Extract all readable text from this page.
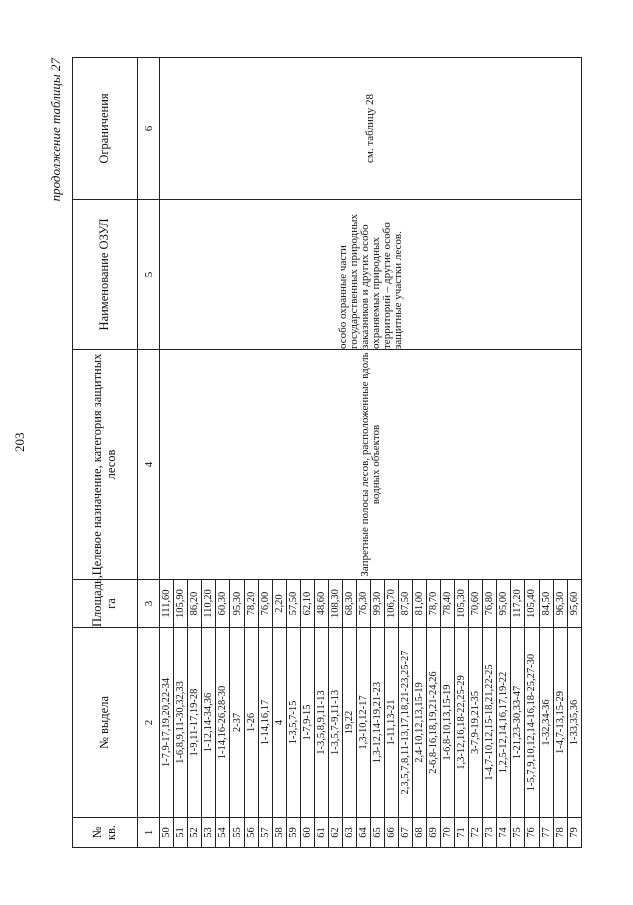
203
продолжение таблицы 27
№ кв.	№ выдела	Площадь, га	Целевое назначение, категория защитных лесов	Наименование ОЗУЛ	Ограничения
1	2	3	4	5	6
50	1-7,9-17,19,20,22-34	111,60	Запретные полосы лесов, расположенные вдоль водных объектов	особо охранные части государственных природных заказников и других особо охраняемых природных территорий – другие особо защитные участки лесов.	см. таблицу 28
51	1-6,8,9,11-30,32,33	105,90			
52	1-9,11-17,19-28	86,20			
53	1-12,14-34,36	110,20			
54	1-14,16-26,28-30	60,30			
55	2-37	95,30			
56	1-26	78,20			
57	1-14,16,17	76,00			
58	4	2,20			
59	1-3,5,7-15	57,50			
60	1-7,9-15	62,10			
61	1-3,5,8,9,11-13	48,60			
62	1-3,5,7-9,11-13	108,30			
63	19,22	68,30			
64	1,3-10,12-17	76,30			
65	1,3-12,14-19,21-23	99,30			
66	1-11,13-21	106,70			
67	2,3,5,7,8,11-13,17,18,21-23,25-27	87,50			
68	2,4-10,12,13,15-19	81,00			
69	2-6,8-16,18,19,21-24,26	78,70			
70	1-6,8-10,13,15-19	78,40			
71	1,3-12,16,18-22,25-29	105,30			
72	3-7,9-19,21-35	70,60			
73	1-4,7-10,12,15-18,21,22-25	76,80			
74	1,2,5-12,14,16,17,19-22	95,00			
75	1-21,23-30,33-47	117,20			
76	1-5,7,9,10,12,14-16,18-25,27-30	105,40			
77	1-32,34-36	84,50			
78	1-4,7-13,15-29	96,30			
79	1-33,35,36	95,60			
